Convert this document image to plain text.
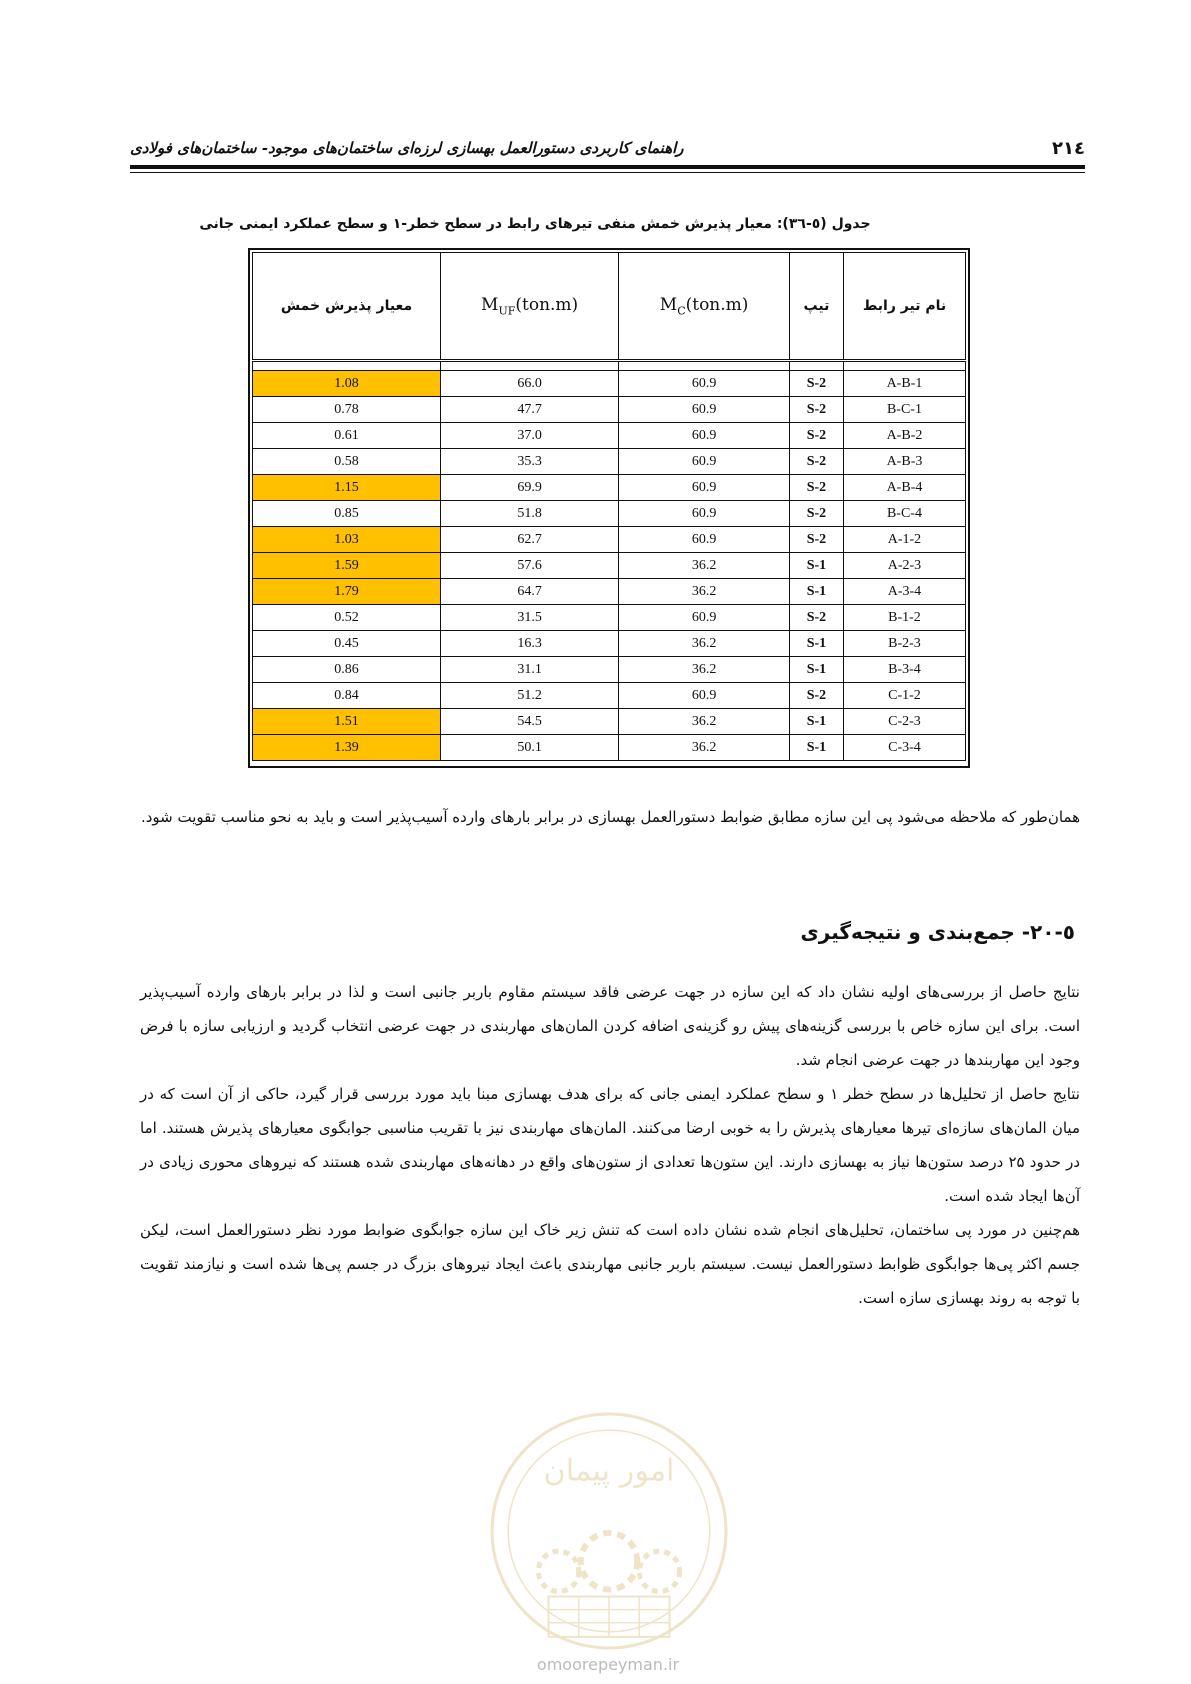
۲۱٤
راهنمای کاربردی دستورالعمل بهسازی لرزه‌ای ساختمان‌های موجود- ساختمان‌های فولادی
جدول (٥-٣٦): معیار پذیرش خمش منفی تیرهای رابط در سطح خطر-۱ و سطح عملکرد ایمنی جانی
نام تیر رابط	تیپ	$M_C(ton.m)$	$M_{UF}(ton.m)$	معیار پذیرش خمش

1-A-B	S-2	60.9	66.0	1.08
1-B-C	S-2	60.9	47.7	0.78
2-A-B	S-2	60.9	37.0	0.61
3-A-B	S-2	60.9	35.3	0.58
4-A-B	S-2	60.9	69.9	1.15
4-B-C	S-2	60.9	51.8	0.85
A-1-2	S-2	60.9	62.7	1.03
A-2-3	S-1	36.2	57.6	1.59
A-3-4	S-1	36.2	64.7	1.79
B-1-2	S-2	60.9	31.5	0.52
B-2-3	S-1	36.2	16.3	0.45
B-3-4	S-1	36.2	31.1	0.86
C-1-2	S-2	60.9	51.2	0.84
C-2-3	S-1	36.2	54.5	1.51
C-3-4	S-1	36.2	50.1	1.39

همان‌طور که ملاحظه می‌شود پی این سازه مطابق ضوابط دستورالعمل بهسازی در برابر بارهای وارده آسیب‌پذیر است و باید به نحو مناسب تقویت شود.

٥-٢٠- جمع‌بندی و نتیجه‌گیری

نتایج حاصل از بررسی‌های اولیه نشان داد که این سازه در جهت عرضی فاقد سیستم مقاوم باربر جانبی است و لذا در برابر بارهای وارده آسیب‌پذیر است. برای این سازه خاص با بررسی گزینه‌های پیش رو گزینه‌ی اضافه کردن المان‌های مهاربندی در جهت عرضی انتخاب گردید و ارزیابی سازه با فرض وجود این مهاربندها در جهت عرضی انجام شد.

نتایج حاصل از تحلیل‌ها در سطح خطر ۱ و سطح عملکرد ایمنی جانی که برای هدف بهسازی مبنا باید مورد بررسی قرار گیرد، حاکی از آن است که در میان المان‌های سازه‌ای تیرها معیارهای پذیرش را به خوبی ارضا می‌کنند. المان‌های مهاربندی نیز با تقریب مناسبی جوابگوی معیارهای پذیرش هستند. اما در حدود ۲۵ درصد ستون‌ها نیاز به بهسازی دارند. این ستون‌ها تعدادی از ستون‌های واقع در دهانه‌های مهاربندی شده هستند که نیروهای محوری زیادی در آن‌ها ایجاد شده است.

هم‌چنین در مورد پی ساختمان، تحلیل‌های انجام شده نشان داده است که تنش زیر خاک این سازه جوابگوی ضوابط مورد نظر دستورالعمل است، لیکن جسم اکثر پی‌ها جوابگوی ظوابط دستورالعمل نیست. سیستم باربر جانبی مهاربندی باعث ایجاد نیروهای بزرگ در جسم پی‌ها شده است و نیازمند تقویت با توجه به روند بهسازی سازه است.

امور پیمان
omoorepeyman.ir
